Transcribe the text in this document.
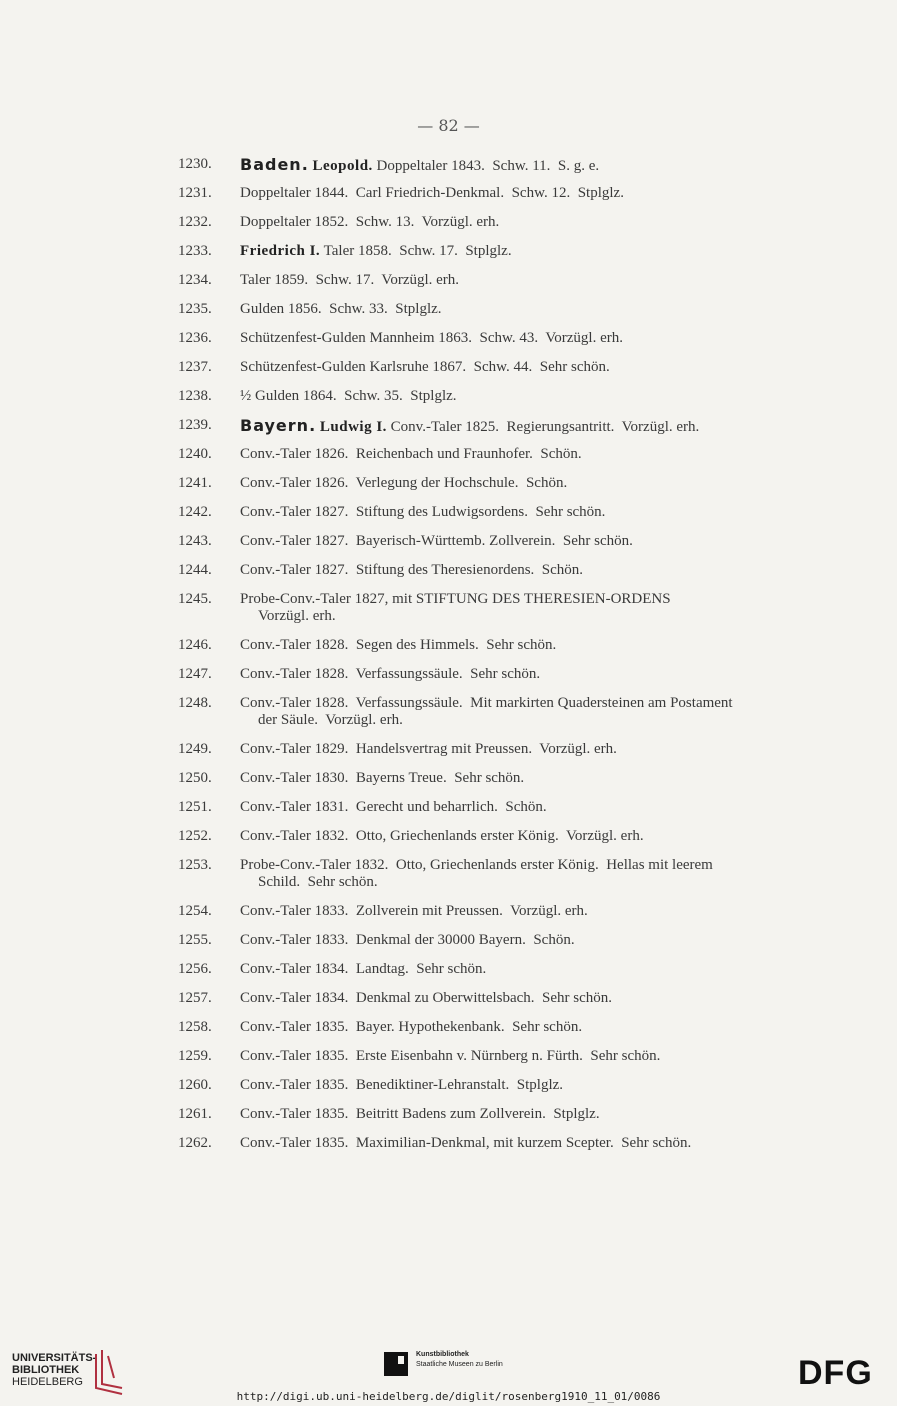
— 82 —
1230.	Baden. Leopold. Doppeltaler 1843.  Schw. 11.  S. g. e.
1231.	Doppeltaler 1844.  Carl Friedrich-Denkmal.  Schw. 12.  Stplglz.
1232.	Doppeltaler 1852.  Schw. 13.  Vorzügl. erh.
1233.	Friedrich I. Taler 1858.  Schw. 17.  Stplglz.
1234.	Taler 1859.  Schw. 17.  Vorzügl. erh.
1235.	Gulden 1856.  Schw. 33.  Stplglz.
1236.	Schützenfest-Gulden Mannheim 1863.  Schw. 43.  Vorzügl. erh.
1237.	Schützenfest-Gulden Karlsruhe 1867.  Schw. 44.  Sehr schön.
1238.	½ Gulden 1864.  Schw. 35.  Stplglz.
1239.	Bayern. Ludwig I. Conv.-Taler 1825.  Regierungsantritt.  Vorzügl. erh.
1240.	Conv.-Taler 1826.  Reichenbach und Fraunhofer.  Schön.
1241.	Conv.-Taler 1826.  Verlegung der Hochschule.  Schön.
1242.	Conv.-Taler 1827.  Stiftung des Ludwigsordens.  Sehr schön.
1243.	Conv.-Taler 1827.  Bayerisch-Württemb. Zollverein.  Sehr schön.
1244.	Conv.-Taler 1827.  Stiftung des Theresienordens.  Schön.
1245.	Probe-Conv.-Taler 1827, mit STIFTUNG DES THERESIEN-ORDENS
Vorzügl. erh.
1246.	Conv.-Taler 1828.  Segen des Himmels.  Sehr schön.
1247.	Conv.-Taler 1828.  Verfassungssäule.  Sehr schön.
1248.	Conv.-Taler 1828.  Verfassungssäule.  Mit markirten Quadersteinen am Postament
der Säule.  Vorzügl. erh.
1249.	Conv.-Taler 1829.  Handelsvertrag mit Preussen.  Vorzügl. erh.
1250.	Conv.-Taler 1830.  Bayerns Treue.  Sehr schön.
1251.	Conv.-Taler 1831.  Gerecht und beharrlich.  Schön.
1252.	Conv.-Taler 1832.  Otto, Griechenlands erster König.  Vorzügl. erh.
1253.	Probe-Conv.-Taler 1832.  Otto, Griechenlands erster König.  Hellas mit leerem
Schild.  Sehr schön.
1254.	Conv.-Taler 1833.  Zollverein mit Preussen.  Vorzügl. erh.
1255.	Conv.-Taler 1833.  Denkmal der 30000 Bayern.  Schön.
1256.	Conv.-Taler 1834.  Landtag.  Sehr schön.
1257.	Conv.-Taler 1834.  Denkmal zu Oberwittelsbach.  Sehr schön.
1258.	Conv.-Taler 1835.  Bayer. Hypothekenbank.  Sehr schön.
1259.	Conv.-Taler 1835.  Erste Eisenbahn v. Nürnberg n. Fürth.  Sehr schön.
1260.	Conv.-Taler 1835.  Benediktiner-Lehranstalt.  Stplglz.
1261.	Conv.-Taler 1835.  Beitritt Badens zum Zollverein.  Stplglz.
1262.	Conv.-Taler 1835.  Maximilian-Denkmal, mit kurzem Scepter.  Sehr schön.
UNIVERSITÄTS-
BIBLIOTHEK
HEIDELBERG
Kunstbibliothek
Staatliche Museen zu Berlin	DFG
http://digi.ub.uni-heidelberg.de/diglit/rosenberg1910_11_01/0086
